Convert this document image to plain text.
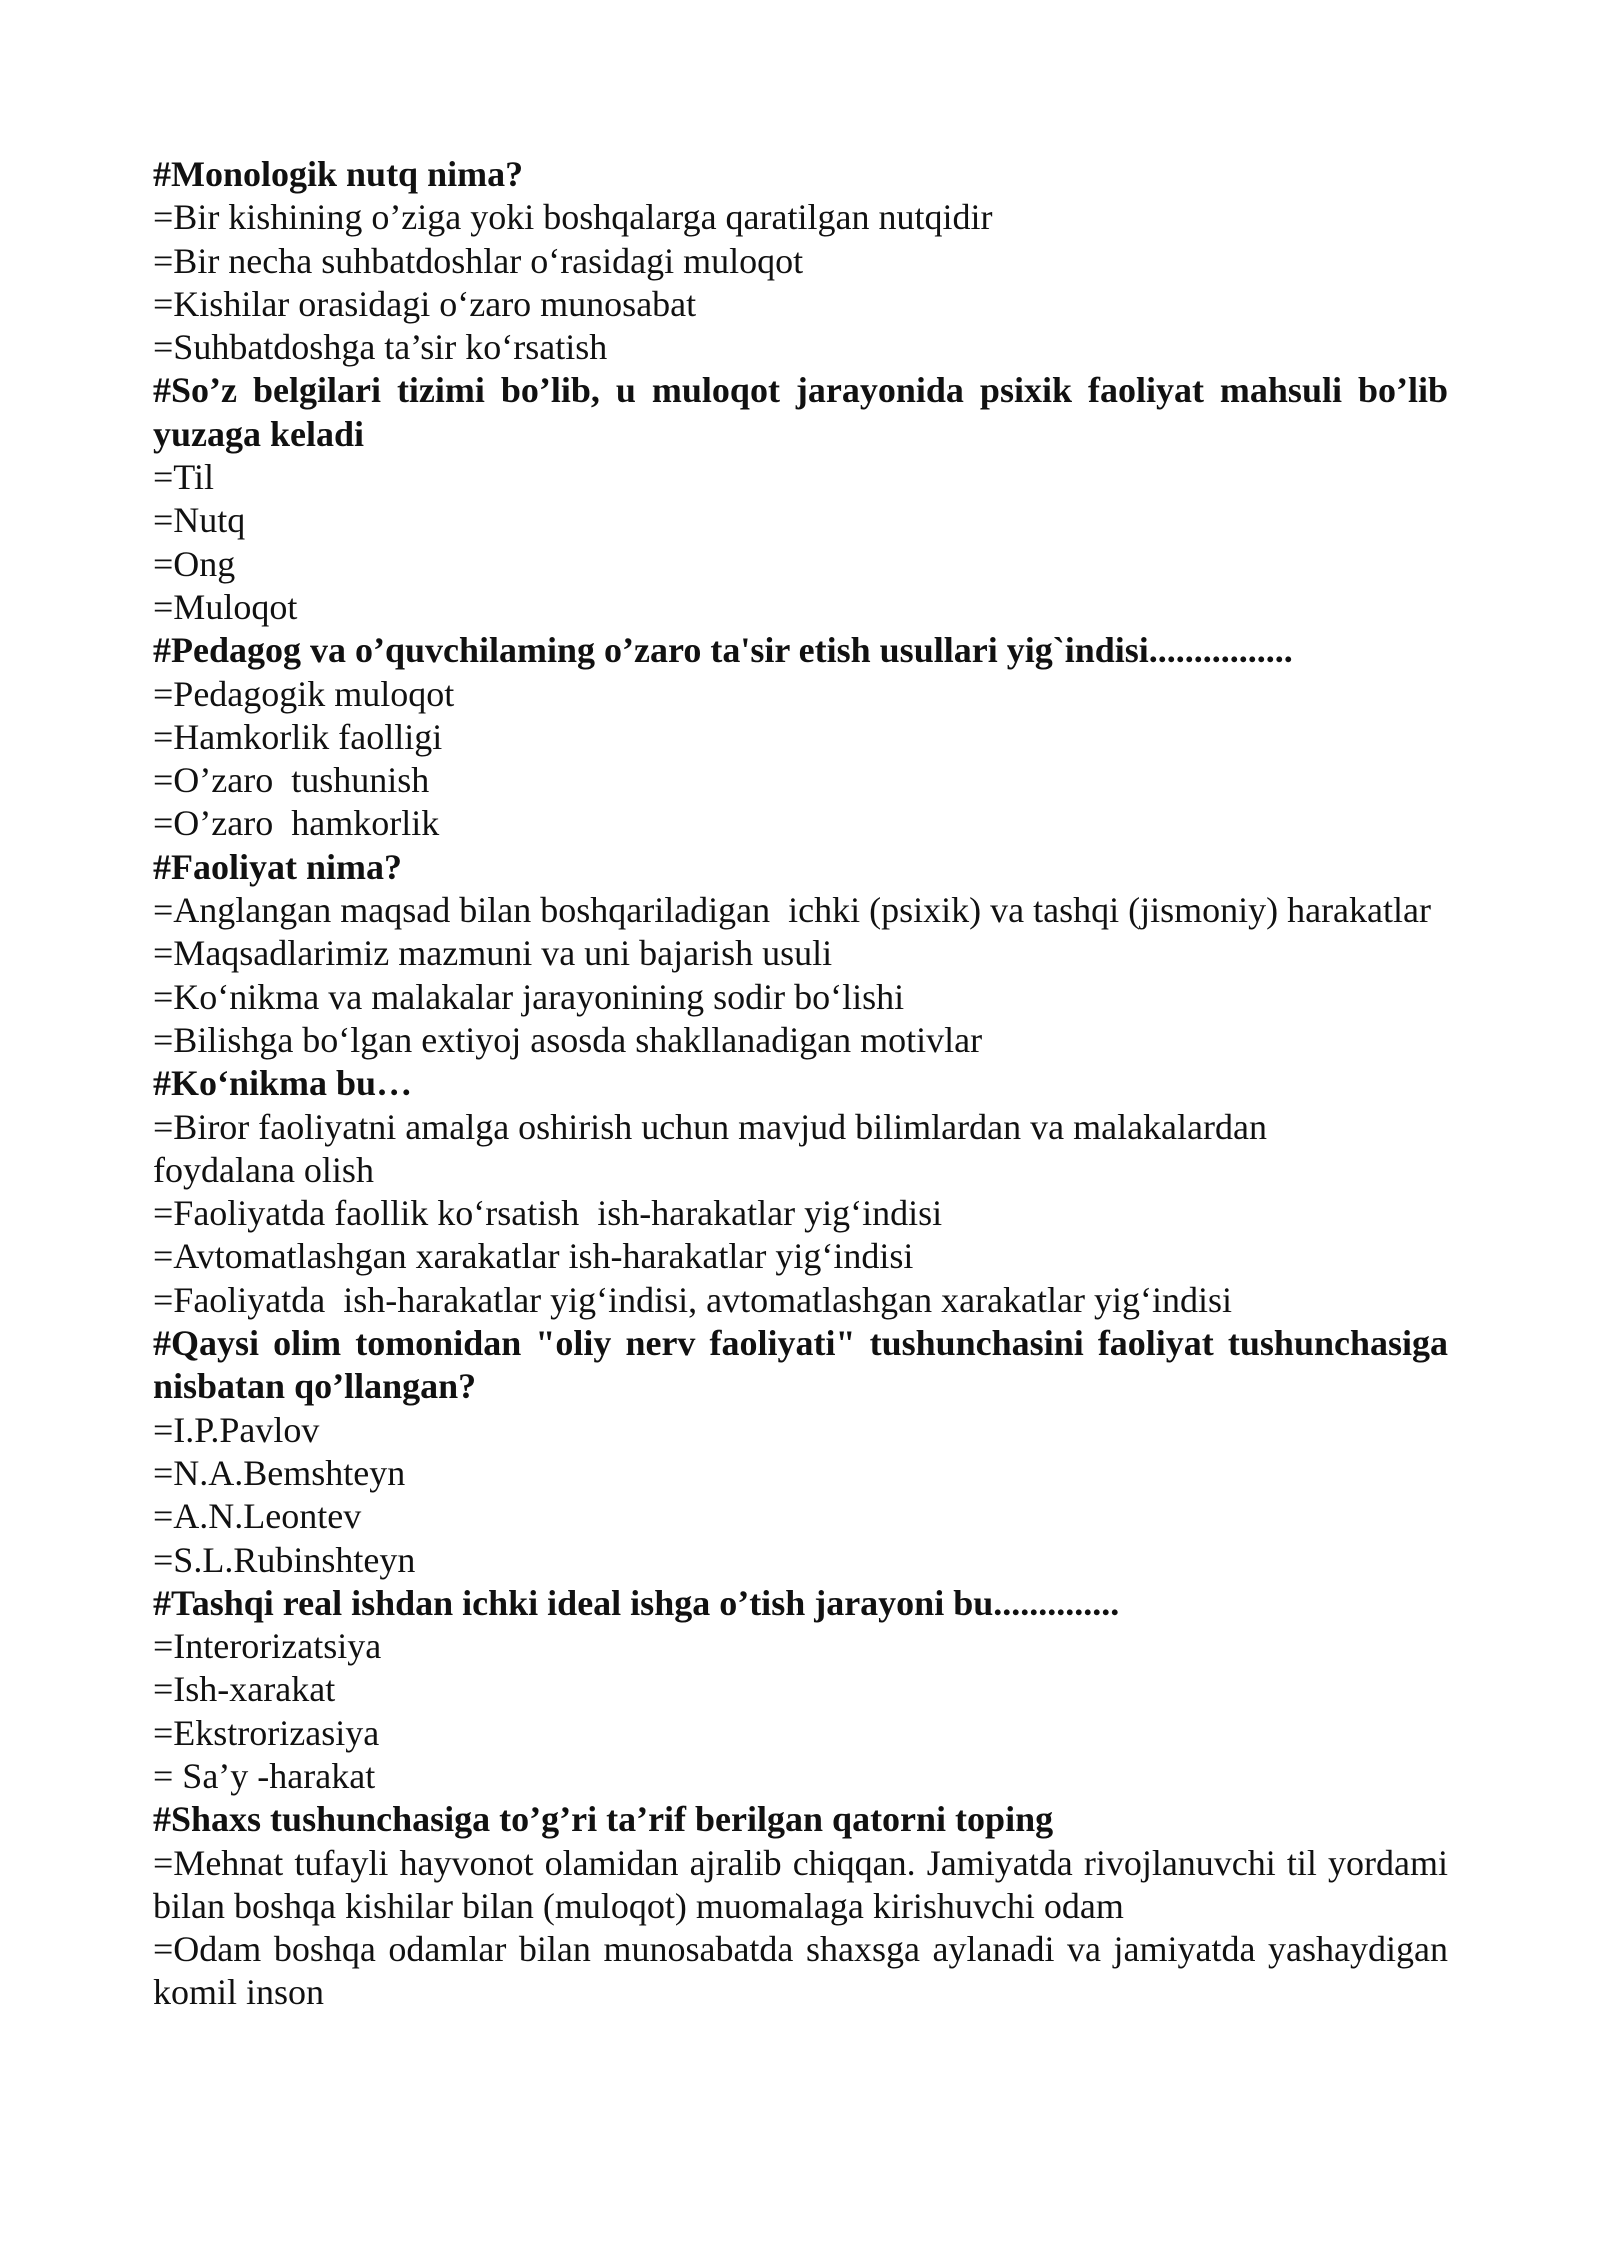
#Monologik nutq nima?

=Bir kishining o’ziga yoki boshqalarga qaratilgan nutqidir

=Bir necha suhbatdoshlar o‘rasidagi muloqot

=Kishilar orasidagi o‘zaro munosabat

=Suhbatdoshga ta’sir ko‘rsatish

#So’z belgilari tizimi bo’lib, u muloqot jarayonida psixik faoliyat mahsuli bo’lib yuzaga keladi

=Til

=Nutq

=Ong

=Muloqot

#Pedagog va o’quvchilaming o’zaro ta'sir etish usullari yig`indisi................

=Pedagogik muloqot

=Hamkorlik faolligi

=O’zaro  tushunish

=O’zaro  hamkorlik

#Faoliyat nima?

=Anglangan maqsad bilan boshqariladigan  ichki (psixik) va tashqi (jismoniy) harakatlar

=Maqsadlarimiz mazmuni va uni bajarish usuli

=Ko‘nikma va malakalar jarayonining sodir bo‘lishi

=Bilishga bo‘lgan extiyoj asosda shakllanadigan motivlar

#Ko‘nikma bu…

=Biror faoliyatni amalga oshirish uchun mavjud bilimlardan va malakalardan
foydalana olish

=Faoliyatda faollik ko‘rsatish  ish-harakatlar yig‘indisi

=Avtomatlashgan xarakatlar ish-harakatlar yig‘indisi

=Faoliyatda  ish-harakatlar yig‘indisi, avtomatlashgan xarakatlar yig‘indisi

#Qaysi olim tomonidan "oliy nerv faoliyati" tushunchasini faoliyat tushunchasiga nisbatan qo’llangan?

=I.P.Pavlov

=N.A.Bemshteyn

=A.N.Leontev

=S.L.Rubinshteyn

#Tashqi real ishdan ichki ideal ishga o’tish jarayoni bu..............

=Interorizatsiya

=Ish-xarakat

=Ekstrorizasiya

= Sa’y -harakat

#Shaxs tushunchasiga to’g’ri ta’rif berilgan qatorni toping

=Mehnat tufayli hayvonot olamidan ajralib chiqqan. Jamiyatda rivojlanuvchi til yordami bilan boshqa kishilar bilan (muloqot) muomalaga kirishuvchi odam

=Odam boshqa odamlar bilan munosabatda shaxsga aylanadi va jamiyatda yashaydigan komil inson
